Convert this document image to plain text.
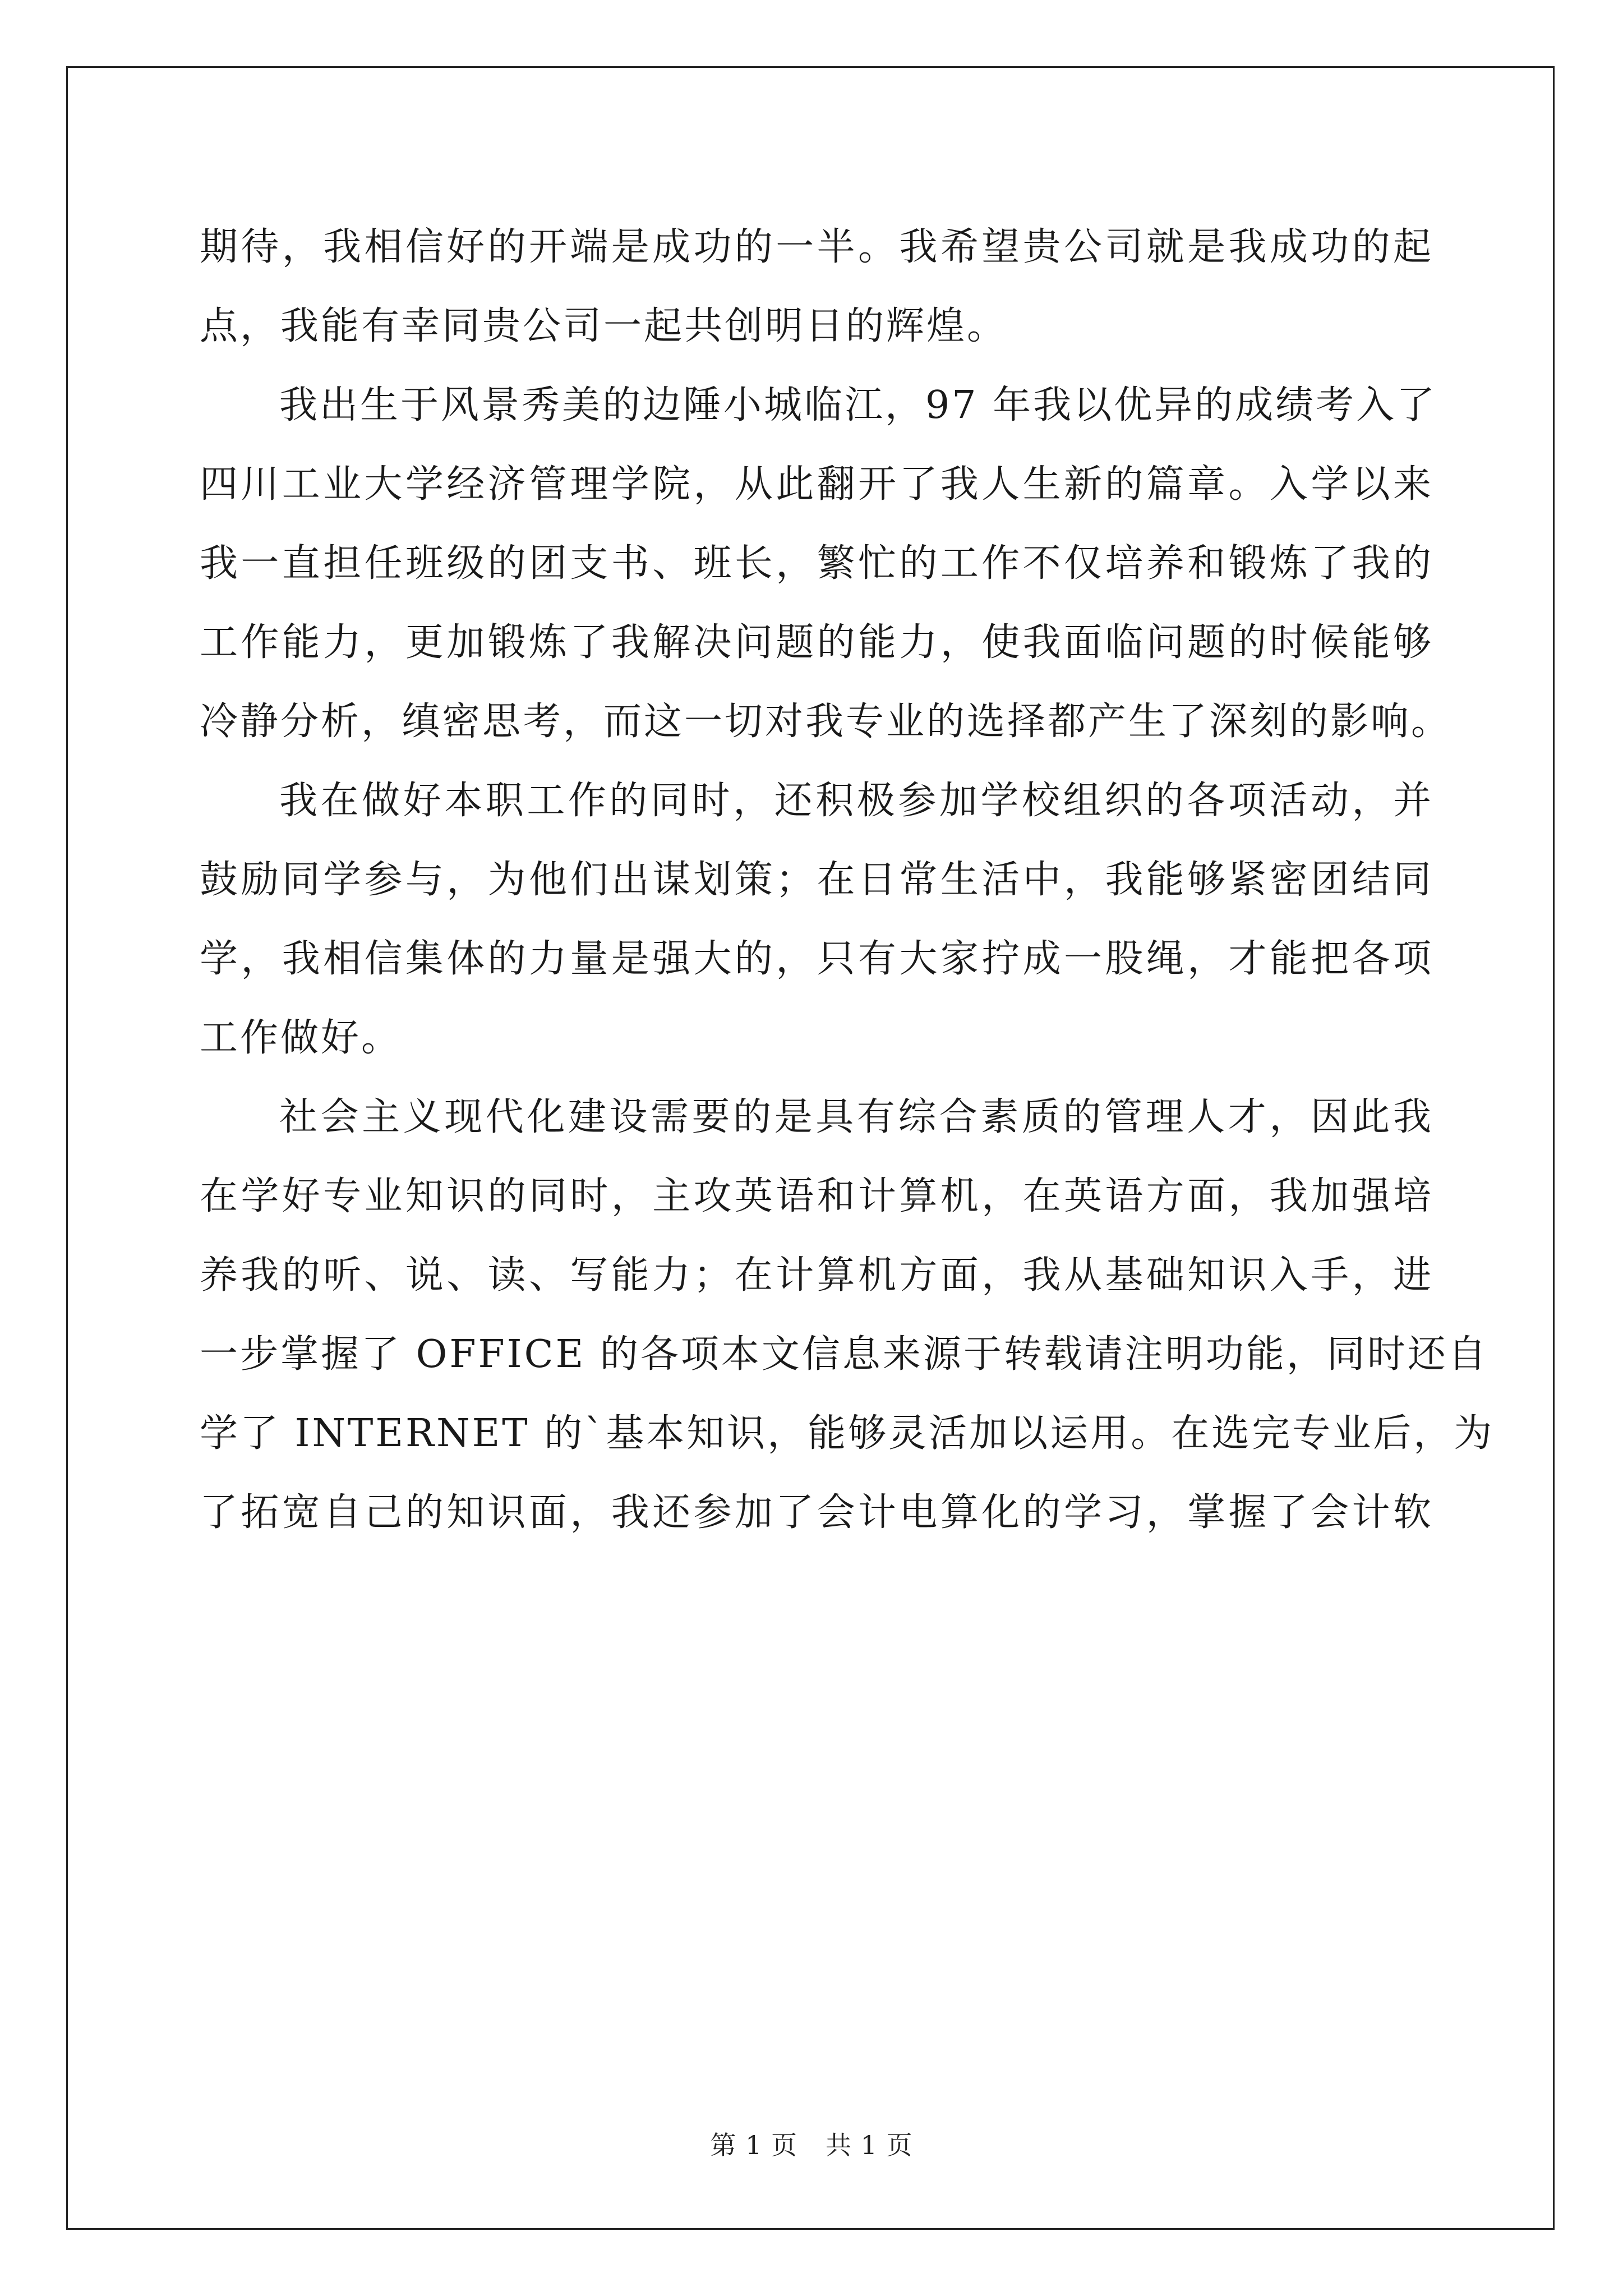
期待，我相信好的开端是成功的一半。我希望贵公司就是我成功的起
点，我能有幸同贵公司一起共创明日的辉煌。
我出生于风景秀美的边陲小城临江，97 年我以优异的成绩考入了
四川工业大学经济管理学院，从此翻开了我人生新的篇章。入学以来
我一直担任班级的团支书、班长，繁忙的工作不仅培养和锻炼了我的
工作能力，更加锻炼了我解决问题的能力，使我面临问题的时候能够
冷静分析，缜密思考，而这一切对我专业的选择都产生了深刻的影响。
我在做好本职工作的同时，还积极参加学校组织的各项活动，并
鼓励同学参与，为他们出谋划策；在日常生活中，我能够紧密团结同
学，我相信集体的力量是强大的，只有大家拧成一股绳，才能把各项
工作做好。
社会主义现代化建设需要的是具有综合素质的管理人才，因此我
在学好专业知识的同时，主攻英语和计算机，在英语方面，我加强培
养我的听、说、读、写能力；在计算机方面，我从基础知识入手，进
一步掌握了 OFFICE 的各项本文信息来源于转载请注明功能，同时还自
学了 INTERNET 的`基本知识，能够灵活加以运用。在选完专业后，为
了拓宽自己的知识面，我还参加了会计电算化的学习，掌握了会计软
第 1 页 共 1 页
